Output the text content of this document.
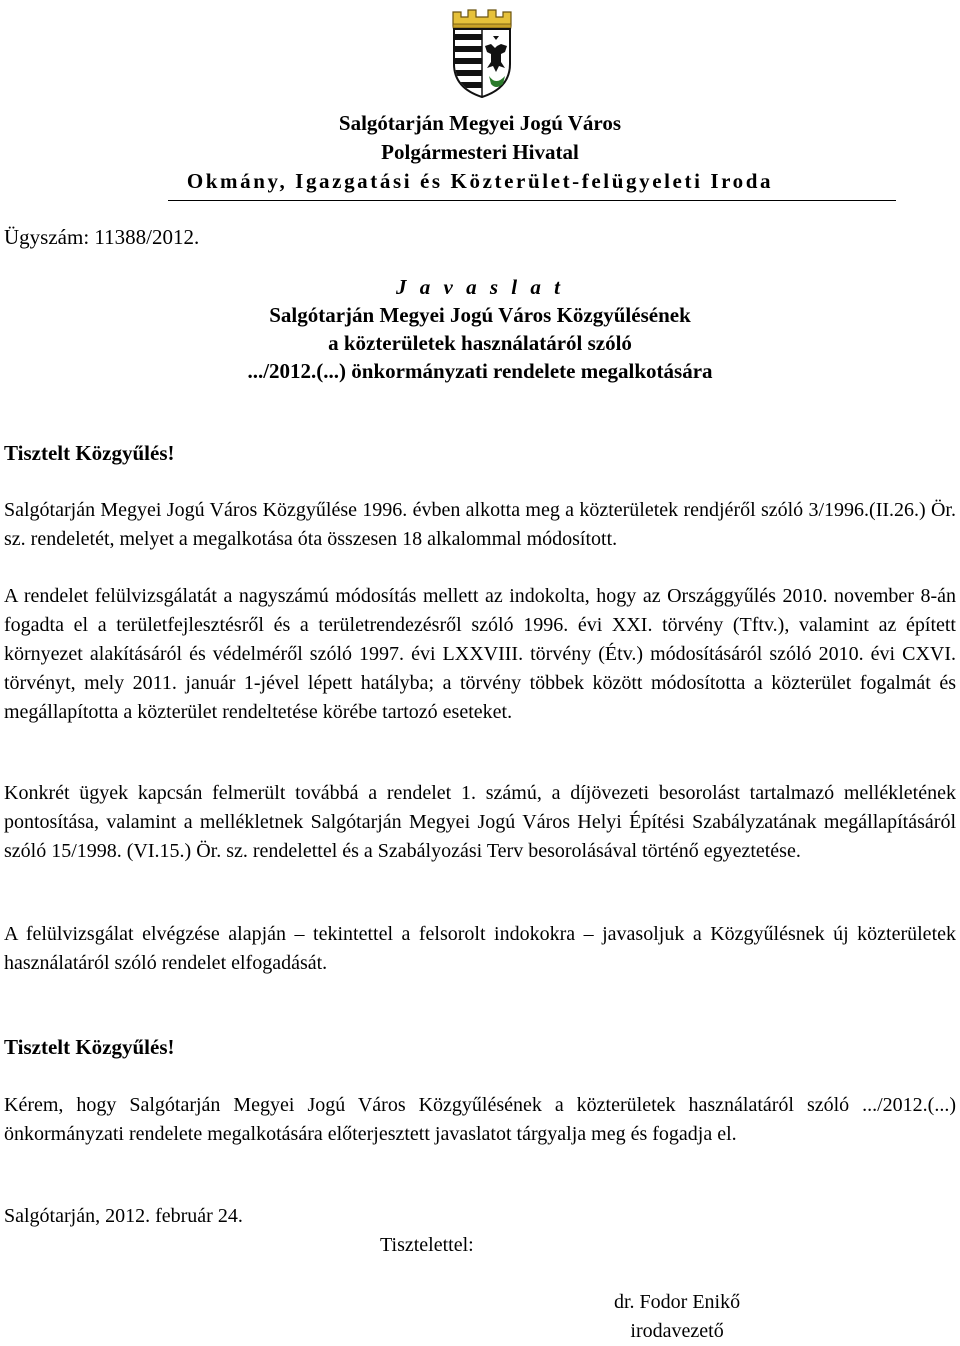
Salgótarján Megyei Jogú Város
Polgármesteri Hivatal
Okmány, Igazgatási és Közterület-felügyeleti Iroda
Ügyszám: 11388/2012.
J a v a s l a t
Salgótarján Megyei Jogú Város Közgyűlésének
a közterületek használatáról szóló
.../2012.(...) önkormányzati rendelete megalkotására
Tisztelt Közgyűlés!

Salgótarján Megyei Jogú Város Közgyűlése 1996. évben alkotta meg a közterületek rendjéről szóló 3/1996.(II.26.) Ör. sz. rendeletét, melyet a megalkotása óta összesen 18 alkalommal módosított.

A rendelet felülvizsgálatát a nagyszámú módosítás mellett az indokolta, hogy az Országgyűlés 2010. november 8-án fogadta el a területfejlesztésről és a területrendezésről szóló 1996. évi XXI. törvény (Tftv.), valamint az épített környezet alakításáról és védelméről szóló 1997. évi LXXVIII. törvény (Étv.) módosításáról szóló 2010. évi CXVI. törvényt, mely 2011. január 1-jével lépett hatályba; a törvény többek között módosította a közterület fogalmát és megállapította a közterület rendeltetése körébe tartozó eseteket.

Konkrét ügyek kapcsán felmerült továbbá a rendelet 1. számú, a díjövezeti besorolást tartalmazó mellékletének pontosítása, valamint a mellékletnek Salgótarján Megyei Jogú Város Helyi Építési Szabályzatának megállapításáról szóló 15/1998. (VI.15.) Ör. sz. rendelettel és a Szabályozási Terv besorolásával történő egyeztetése.

A felülvizsgálat elvégzése alapján – tekintettel a felsorolt indokokra – javasoljuk a Közgyűlésnek új közterületek használatáról szóló rendelet elfogadását.

Tisztelt Közgyűlés!

Kérem, hogy Salgótarján Megyei Jogú Város Közgyűlésének a közterületek használatáról szóló .../2012.(...) önkormányzati rendelete megalkotására előterjesztett javaslatot tárgyalja meg és fogadja el.

Salgótarján, 2012. február 24.
Tisztelettel:
dr. Fodor Enikő
irodavezető
